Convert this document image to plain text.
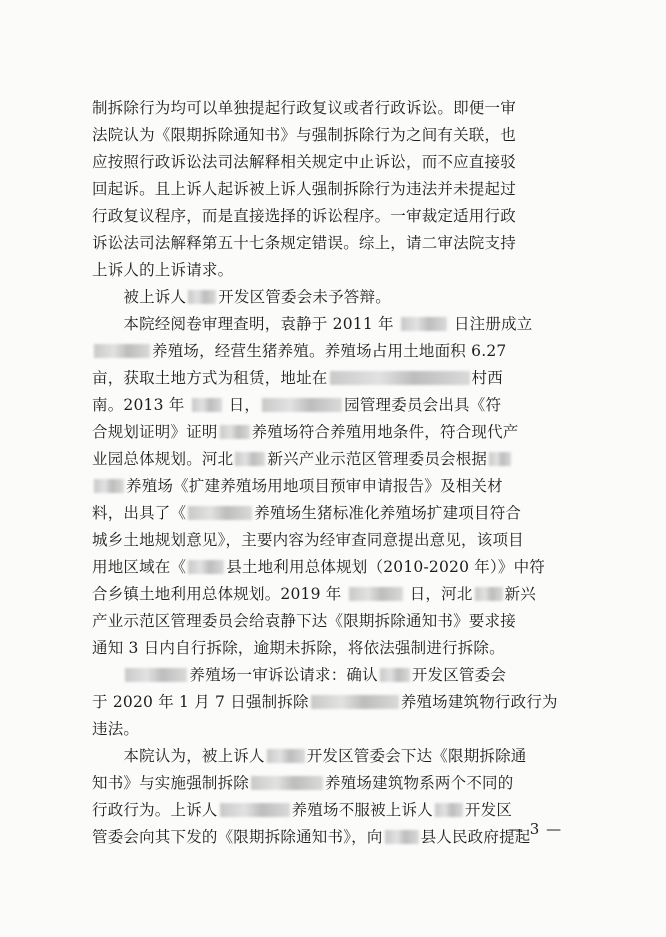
制拆除行为均可以单独提起行政复议或者行政诉讼。即便一审
法院认为《限期拆除通知书》与强制拆除行为之间有关联，也
应按照行政诉讼法司法解释相关规定中止诉讼，而不应直接驳
回起诉。且上诉人起诉被上诉人强制拆除行为违法并未提起过
行政复议程序，而是直接选择的诉讼程序。一审裁定适用行政
诉讼法司法解释第五十七条规定错误。综上，请二审法院支持
上诉人的上诉请求。
　　被上诉人 开发区管委会未予答辩。
　　本院经阅卷审理查明，袁静于 2011 年	日注册成立
养殖场，经营生猪养殖。养殖场占用土地面积 6.27
亩，获取土地方式为租赁，地址在	村西
南。2013 年  日，	园管理委员会出具《符
合规划证明》证明 养殖场符合养殖用地条件，符合现代产
业园总体规划。河北 新兴产业示范区管理委员会根据
养殖场《扩建养殖场用地项目预审申请报告》及相关材
料，出具了《	养殖场生猪标准化养殖场扩建项目符合
城乡土地规划意见》，主要内容为经审查同意提出意见，该项目
用地区域在《	县土地利用总体规划（2010-2020 年）》中符
合乡镇土地利用总体规划。2019 年	日，河北 新兴
产业示范区管理委员会给袁静下达《限期拆除通知书》要求接
通知 3 日内自行拆除，逾期未拆除，将依法强制进行拆除。
　　养殖场一审诉讼请求：确认 开发区管委会
于 2020 年 1 月 7 日强制拆除	养殖场建筑物行政行为
违法。
　　本院认为，被上诉人	开发区管委会下达《限期拆除通
知书》与实施强制拆除	养殖场建筑物系两个不同的
行政行为。上诉人	养殖场不服被上诉人 开发区
管委会向其下发的《限期拆除通知书》，向 县人民政府提起
— 3 —
